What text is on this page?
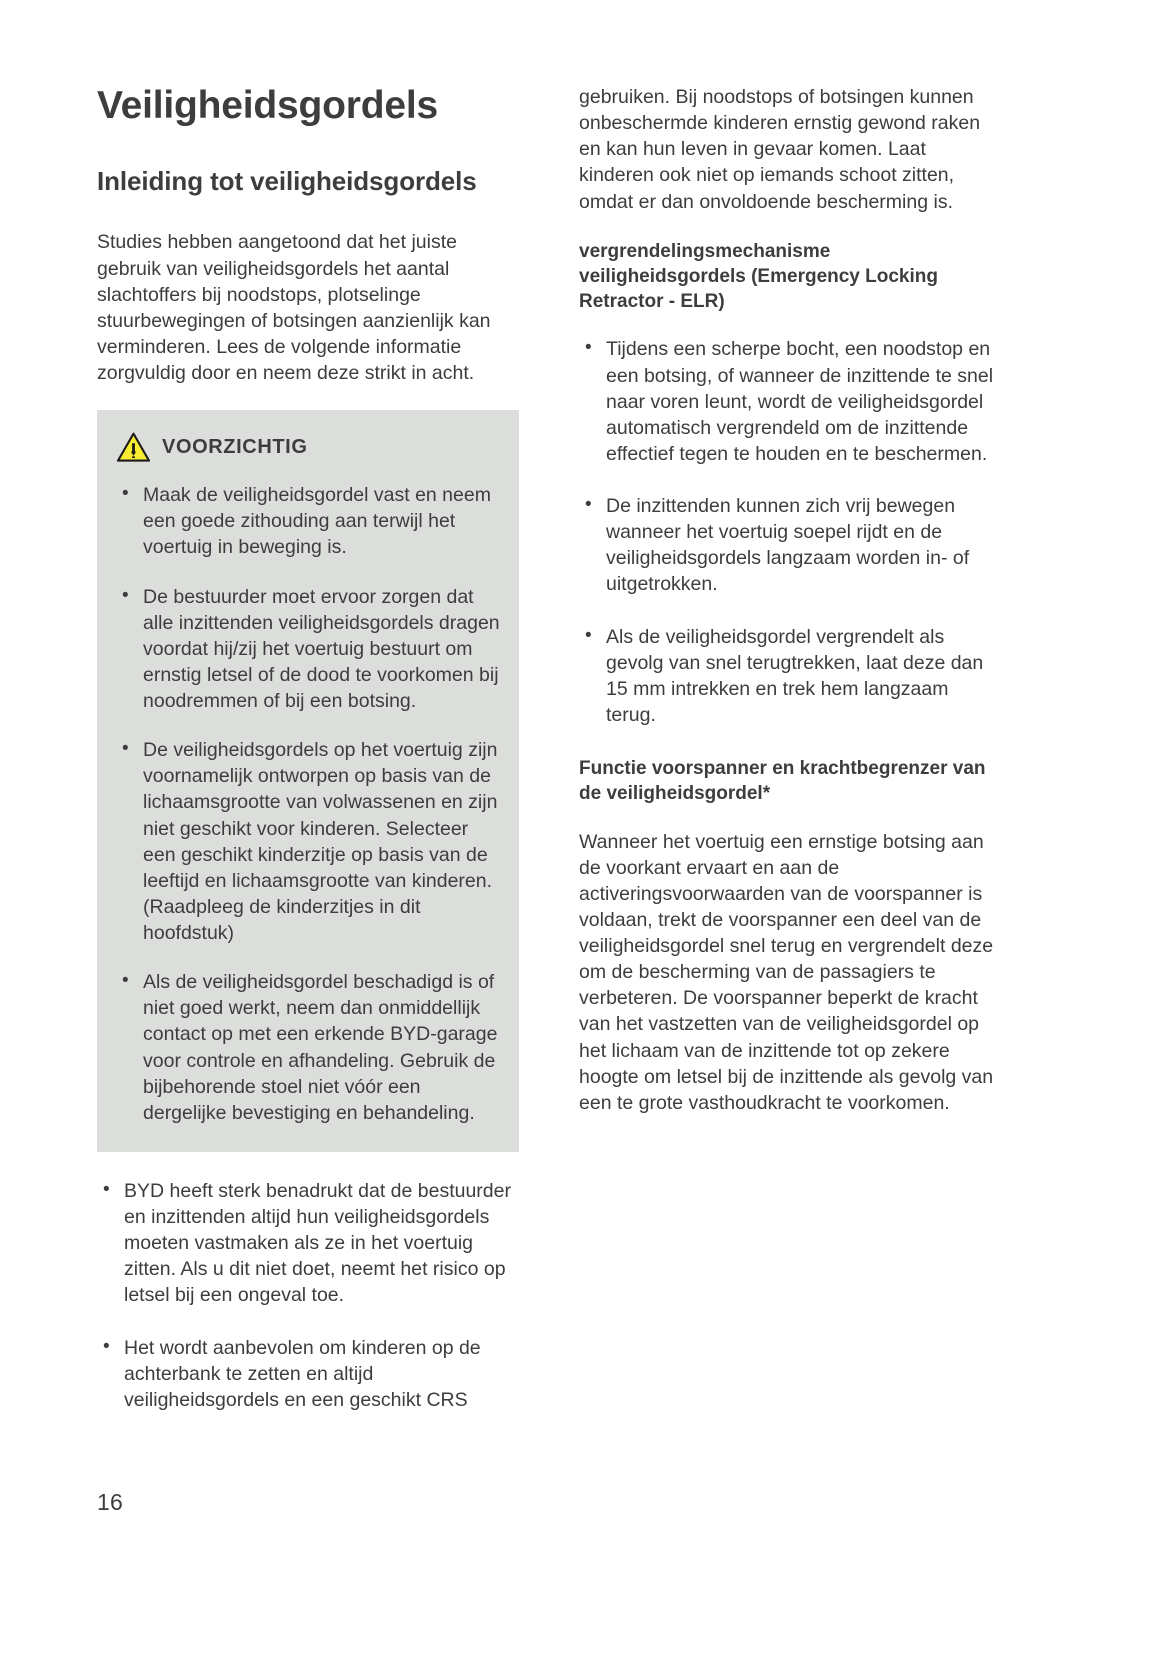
Veiligheidsgordels
Inleiding tot veiligheidsgordels

Studies hebben aangetoond dat het juiste gebruik van veiligheidsgordels het aantal slachtoffers bij noodstops, plotselinge stuurbewegingen of botsingen aanzienlijk kan verminderen. Lees de volgende informatie zorgvuldig door en neem deze strikt in acht.

VOORZICHTIG
• Maak de veiligheidsgordel vast en neem een goede zithouding aan terwijl het voertuig in beweging is.
• De bestuurder moet ervoor zorgen dat alle inzittenden veiligheidsgordels dragen voordat hij/zij het voertuig bestuurt om ernstig letsel of de dood te voorkomen bij noodremmen of bij een botsing.
• De veiligheidsgordels op het voertuig zijn voornamelijk ontworpen op basis van de lichaamsgrootte van volwassenen en zijn niet geschikt voor kinderen. Selecteer een geschikt kinderzitje op basis van de leeftijd en lichaamsgrootte van kinderen. (Raadpleeg de kinderzitjes in dit hoofdstuk)
• Als de veiligheidsgordel beschadigd is of niet goed werkt, neem dan onmiddellijk contact op met een erkende BYD-garage voor controle en afhandeling. Gebruik de bijbehorende stoel niet vóór een dergelijke bevestiging en behandeling.
• BYD heeft sterk benadrukt dat de bestuurder en inzittenden altijd hun veiligheidsgordels moeten vastmaken als ze in het voertuig zitten. Als u dit niet doet, neemt het risico op letsel bij een ongeval toe.
• Het wordt aanbevolen om kinderen op de achterbank te zetten en altijd veiligheidsgordels en een geschikt CRS

gebruiken. Bij noodstops of botsingen kunnen onbeschermde kinderen ernstig gewond raken en kan hun leven in gevaar komen. Laat kinderen ook niet op iemands schoot zitten, omdat er dan onvoldoende bescherming is.

vergrendelingsmechanisme veiligheidsgordels (Emergency Locking Retractor - ELR)
• Tijdens een scherpe bocht, een noodstop en een botsing, of wanneer de inzittende te snel naar voren leunt, wordt de veiligheidsgordel automatisch vergrendeld om de inzittende effectief tegen te houden en te beschermen.
• De inzittenden kunnen zich vrij bewegen wanneer het voertuig soepel rijdt en de veiligheidsgordels langzaam worden in- of uitgetrokken.
• Als de veiligheidsgordel vergrendelt als gevolg van snel terugtrekken, laat deze dan 15 mm intrekken en trek hem langzaam terug.
Functie voorspanner en krachtbegrenzer van de veiligheidsgordel*

Wanneer het voertuig een ernstige botsing aan de voorkant ervaart en aan de activeringsvoorwaarden van de voorspanner is voldaan, trekt de voorspanner een deel van de veiligheidsgordel snel terug en vergrendelt deze om de bescherming van de passagiers te verbeteren. De voorspanner beperkt de kracht van het vastzetten van de veiligheidsgordel op het lichaam van de inzittende tot op zekere hoogte om letsel bij de inzittende als gevolg van een te grote vasthoudkracht te voorkomen.

16
